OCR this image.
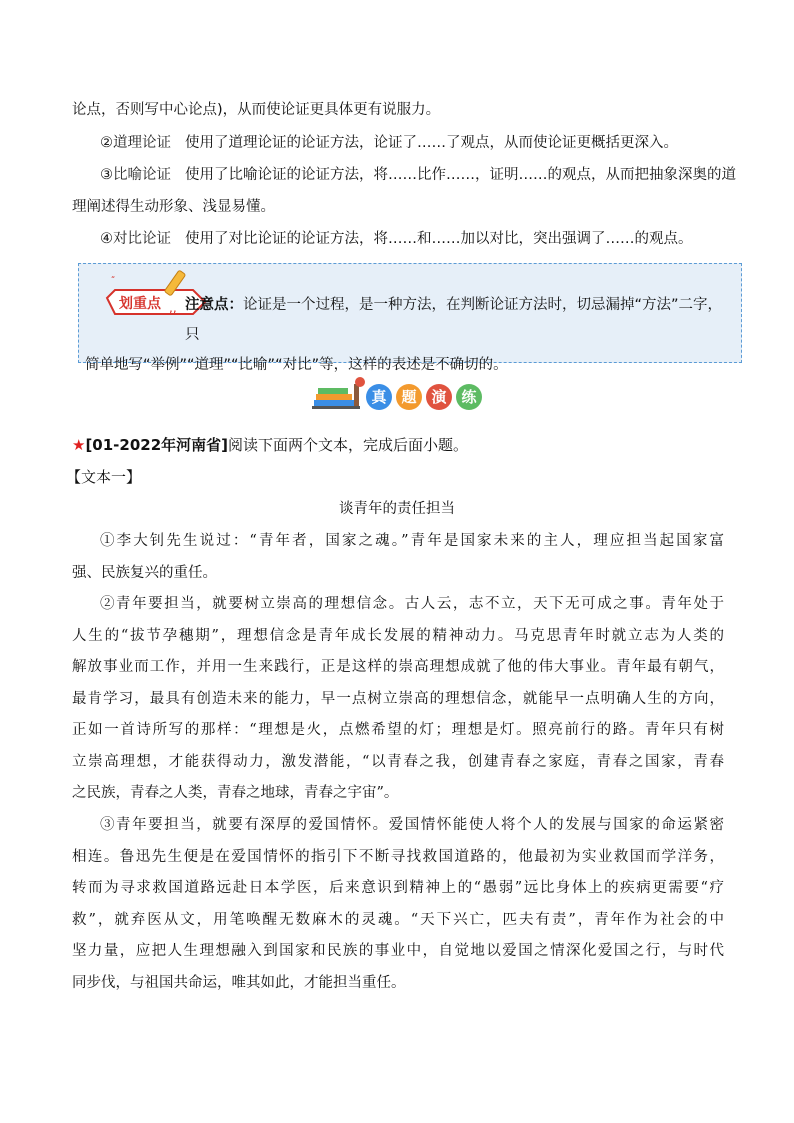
论点，否则写中心论点)，从而使论证更具体更有说服力。

②道理论证 使用了道理论证的论证方法，论证了……了观点，从而使论证更概括更深入。

③比喻论证 使用了比喻论证的论证方法，将……比作……，证明……的观点，从而把抽象深奥的道

理阐述得生动形象、浅显易懂。

④对比论证 使用了对比论证的论证方法，将……和……加以对比，突出强调了……的观点。

“
划重点 ,, 注意点：论证是一个过程，是一种方法，在判断论证方法时，切忌漏掉“方法”二字，只
简单地写“举例”“道理”“比喻”“对比”等，这样的表述是不确切的。

真 题 演 练
★[01-2022年河南省]阅读下面两个文本，完成后面小题。
【文本一】
谈青年的责任担当
①李大钊先生说过：“青年者，国家之魂。”青年是国家未来的主人，理应担当起国家富
强、民族复兴的重任。
②青年要担当，就要树立崇高的理想信念。古人云，志不立，天下无可成之事。青年处于
人生的“拔节孕穗期”，理想信念是青年成长发展的精神动力。马克思青年时就立志为人类的
解放事业而工作，并用一生来践行，正是这样的崇高理想成就了他的伟大事业。青年最有朝气，
最肯学习，最具有创造未来的能力，早一点树立崇高的理想信念，就能早一点明确人生的方向，
正如一首诗所写的那样：“理想是火，点燃希望的灯；理想是灯。照亮前行的路。青年只有树
立崇高理想，才能获得动力，激发潜能，“以青春之我，创建青春之家庭，青春之国家，青春
之民族，青春之人类，青春之地球，青春之宇宙”。
③青年要担当，就要有深厚的爱国情怀。爱国情怀能使人将个人的发展与国家的命运紧密
相连。鲁迅先生便是在爱国情怀的指引下不断寻找救国道路的，他最初为实业救国而学洋务，
转而为寻求救国道路远赴日本学医，后来意识到精神上的“愚弱”远比身体上的疾病更需要“疗
救”，就弃医从文，用笔唤醒无数麻木的灵魂。“天下兴亡，匹夫有责”，青年作为社会的中
坚力量，应把人生理想融入到国家和民族的事业中，自觉地以爱国之情深化爱国之行，与时代
同步伐，与祖国共命运，唯其如此，才能担当重任。
